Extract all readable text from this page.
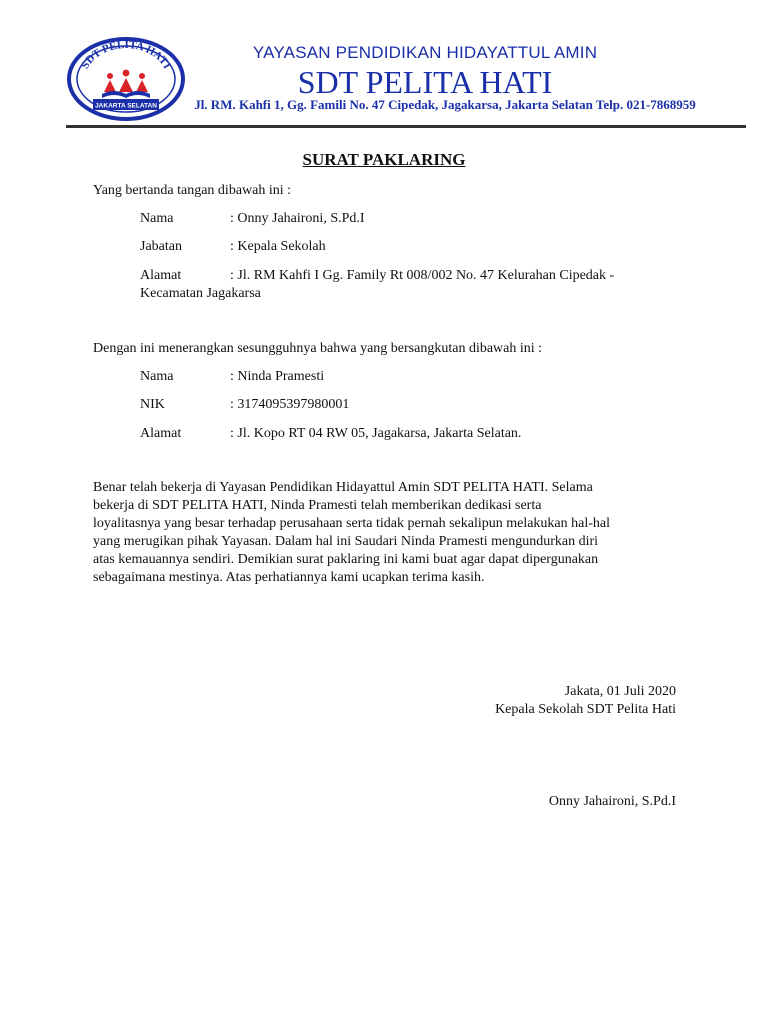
SDT PELITA HATI
JAKARTA SELATAN
YAYASAN PENDIDIKAN HIDAYATTUL AMIN
SDT PELITA HATI
Jl. RM. Kahfi 1, Gg. Famili No. 47 Cipedak, Jagakarsa, Jakarta Selatan Telp. 021-7868959
SURAT PAKLARING
Yang bertanda tangan dibawah ini :
Nama	: Onny Jahaironi, S.Pd.I
Jabatan	: Kepala Sekolah
Alamat	: Jl. RM Kahfi I Gg. Family Rt 008/002 No. 47 Kelurahan Cipedak -
Kecamatan Jagakarsa
Dengan ini menerangkan sesungguhnya bahwa yang bersangkutan dibawah ini :
Nama	: Ninda Pramesti
NIK	: 3174095397980001
Alamat	: Jl. Kopo RT 04 RW 05, Jagakarsa, Jakarta Selatan.
Benar telah bekerja di Yayasan Pendidikan Hidayattul Amin SDT PELITA HATI. Selama
bekerja di SDT PELITA HATI, Ninda Pramesti telah memberikan dedikasi serta
loyalitasnya yang besar terhadap perusahaan serta tidak pernah sekalipun melakukan hal-hal
yang merugikan pihak Yayasan. Dalam hal ini Saudari Ninda Pramesti mengundurkan diri
atas kemauannya sendiri. Demikian surat paklaring ini kami buat agar dapat dipergunakan
sebagaimana mestinya. Atas perhatiannya kami ucapkan terima kasih.
Jakata, 01 Juli 2020
Kepala Sekolah SDT Pelita Hati
Onny Jahaironi, S.Pd.I
